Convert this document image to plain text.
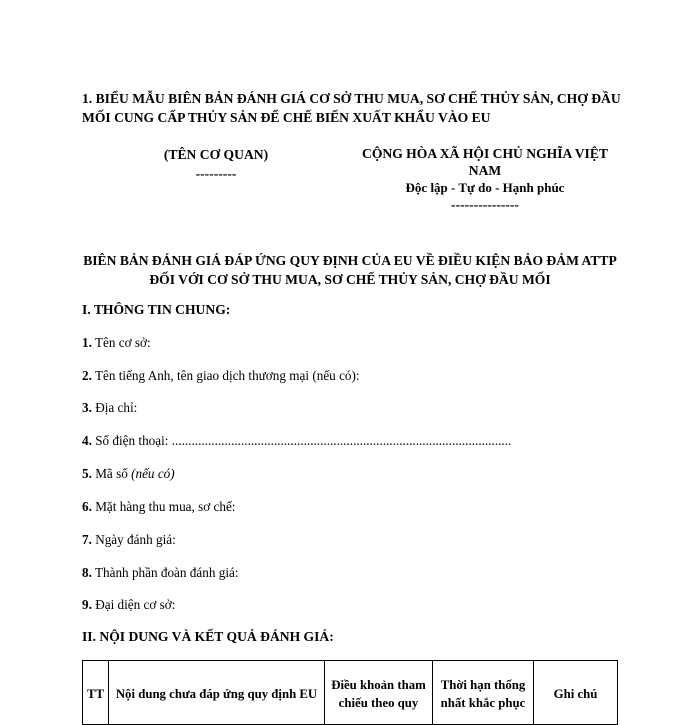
1. BIỂU MẪU BIÊN BẢN ĐÁNH GIÁ CƠ SỞ THU MUA, SƠ CHẾ THỦY SẢN, CHỢ ĐẦU MỐI CUNG CẤP THỦY SẢN ĐỂ CHẾ BIẾN XUẤT KHẨU VÀO EU
(TÊN CƠ QUAN)
---------
CỘNG HÒA XÃ HỘI CHỦ NGHĨA VIỆT NAM
Độc lập - Tự do - Hạnh phúc
---------------
BIÊN BẢN ĐÁNH GIÁ ĐÁP ỨNG QUY ĐỊNH CỦA EU VỀ ĐIỀU KIỆN BẢO ĐẢM ATTP ĐỐI VỚI CƠ SỞ THU MUA, SƠ CHẾ THỦY SẢN, CHỢ ĐẦU MỐI
I. THÔNG TIN CHUNG:
1. Tên cơ sở:
2. Tên tiếng Anh, tên giao dịch thương mại (nếu có):
3. Địa chỉ:
4. Số điện thoại: .......................................................................................................
5. Mã số (nếu có)
6. Mặt hàng thu mua, sơ chế:
7. Ngày đánh giá:
8. Thành phần đoàn đánh giá:
9. Đại diện cơ sở:
II. NỘI DUNG VÀ KẾT QUẢ ĐÁNH GIÁ:
TT	Nội dung chưa đáp ứng quy định EU	Điều khoản tham chiếu theo quy	Thời hạn thống nhất khắc phục	Ghi chú
